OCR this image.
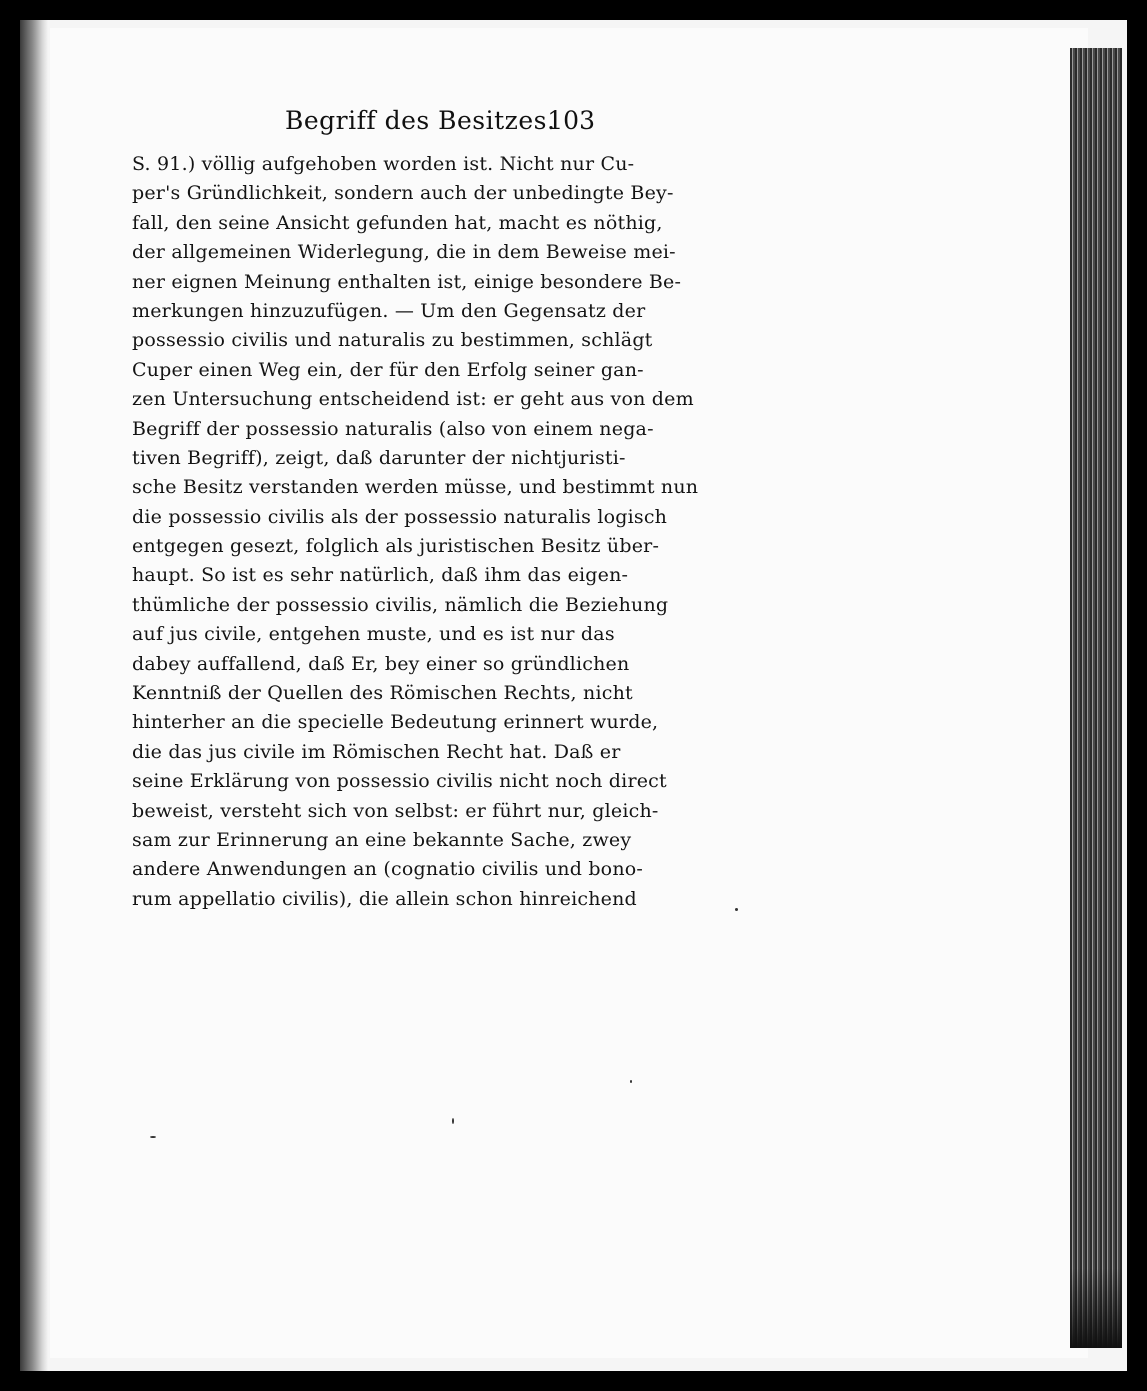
Begriff des Besitzes.
103
S. 91.) völlig aufgehoben worden ist. Nicht nur Cu-
per's Gründlichkeit, sondern auch der unbedingte Bey-
fall, den seine Ansicht gefunden hat, macht es nöthig,
der allgemeinen Widerlegung, die in dem Beweise mei-
ner eignen Meinung enthalten ist, einige besondere Be-
merkungen hinzuzufügen. — Um den Gegensatz der
possessio civilis und naturalis zu bestimmen, schlägt
Cuper einen Weg ein, der für den Erfolg seiner gan-
zen Untersuchung entscheidend ist: er geht aus von dem
Begriff der possessio naturalis (also von einem nega-
tiven Begriff), zeigt, daß darunter der nichtjuristi-
sche Besitz verstanden werden müsse, und bestimmt nun
die possessio civilis als der possessio naturalis logisch
entgegen gesezt, folglich als juristischen Besitz über-
haupt. So ist es sehr natürlich, daß ihm das eigen-
thümliche der possessio civilis, nämlich die Beziehung
auf jus civile, entgehen muste, und es ist nur das
dabey auffallend, daß Er, bey einer so gründlichen
Kenntniß der Quellen des Römischen Rechts, nicht
hinterher an die specielle Bedeutung erinnert wurde,
die das jus civile im Römischen Recht hat. Daß er
seine Erklärung von possessio civilis nicht noch direct
beweist, versteht sich von selbst: er führt nur, gleich-
sam zur Erinnerung an eine bekannte Sache, zwey
andere Anwendungen an (cognatio civilis und bono-
rum appellatio civilis), die allein schon hinreichend
